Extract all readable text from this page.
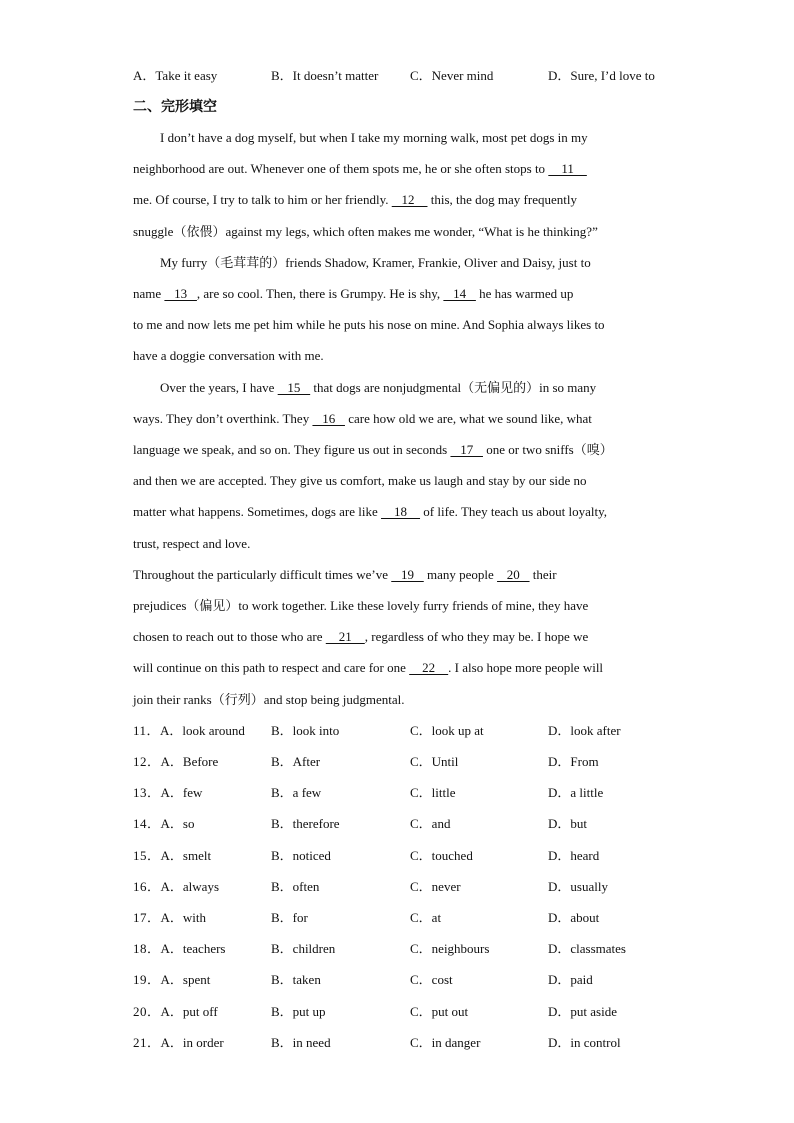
A．Take it easy	B．It doesn’t matter C．Never mind	D．Sure, I’d love to
二、完形填空
I don’t have a dog myself, but when I take my morning walk, most pet dogs in my
neighborhood are out. Whenever one of them spots me, he or she often stops to     11
me. Of course, I try to talk to him or her friendly.    12     this, the dog may frequently
snuggle（依偎）against my legs, which often makes me wonder, “What is he thinking?”
My furry（毛茸茸的）friends Shadow, Kramer, Frankie, Oliver and Daisy, just to
name    13   , are so cool. Then, there is Grumpy. He is shy,    14    he has warmed up
to me and now lets me pet him while he puts his nose on mine. And Sophia always likes to
have a doggie conversation with me.
Over the years, I have    15    that dogs are nonjudgmental（无偏见的）in so many
ways. They don’t overthink. They    16    care how old we are, what we sound like, what
language we speak, and so on. They figure us out in seconds    17    one or two sniffs（嗅）
and then we are accepted. They give us comfort, make us laugh and stay by our side no
matter what happens. Sometimes, dogs are like     18     of life. They teach us about loyalty,
trust, respect and love.
Throughout the particularly difficult times we’ve    19    many people    20    their
prejudices（偏见）to work together. Like these lovely furry friends of mine, they have
chosen to reach out to those who are     21    , regardless of who they may be. I hope we
will continue on this path to respect and care for one     22    . I also hope more people will
join their ranks（行列）and stop being judgmental.
11．A．look around B．look into	C．look up at	D．look after
12．A．Before	B．After	C．Until	D．From
13．A．few	B．a few	C．little	D．a little
14．A．so	B．therefore	C．and	D．but
15．A．smelt	B．noticed	C．touched	D．heard
16．A．always	B．often	C．never	D．usually
17．A．with	B．for	C．at	D．about
18．A．teachers	B．children	C．neighbours	D．classmates
19．A．spent	B．taken	C．cost	D．paid
20．A．put off	B．put up	C．put out	D．put aside
21．A．in order	B．in need	C．in danger	D．in control
